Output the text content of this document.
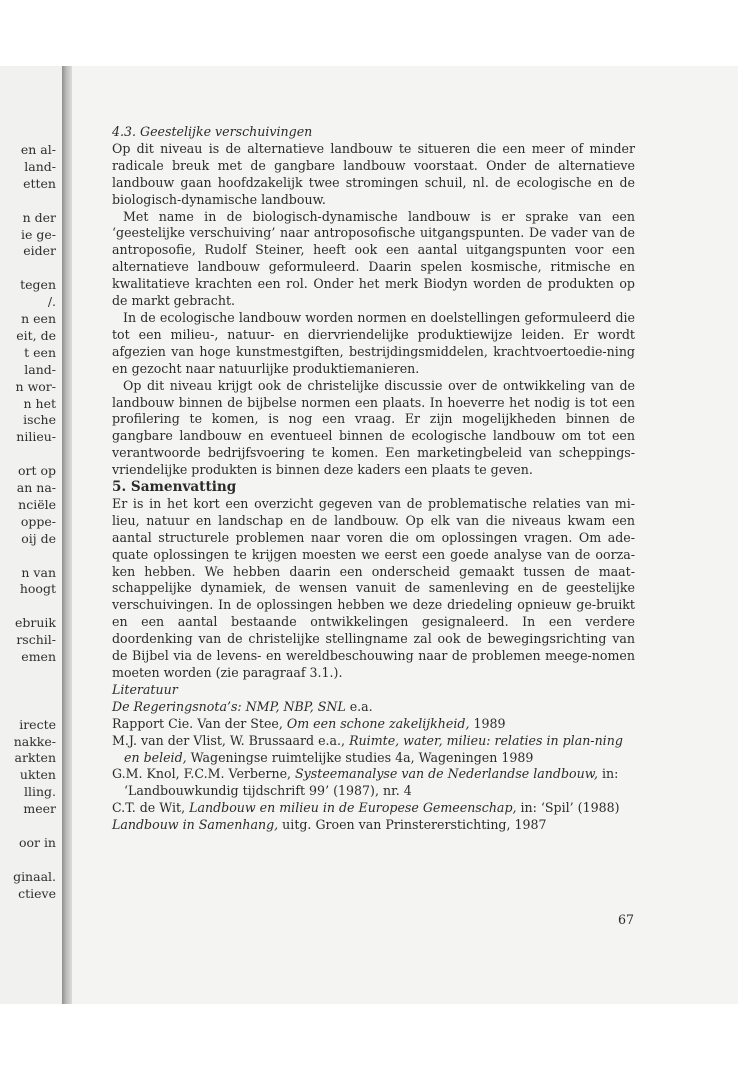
en al-
land-
etten
n der
ie ge-
eider
tegen
/.
n een
eit, de
t een
land-
n wor-
n het
ische
nilieu-
ort op
an na-
nciële
oppe-
oij de
n van
hoogt
ebruik
rschil-
emen
irecte
nakke-
arkten
ukten
lling.
meer
oor in
ginaal.
ctieve

4.3. Geestelijke verschuivingen

Op dit niveau is de alternatieve landbouw te situeren die een meer of minder radicale breuk met de gangbare landbouw voorstaat. Onder de alternatieve landbouw gaan hoofdzakelijk twee stromingen schuil, nl. de ecologische en de biologisch-dynamische landbouw.

Met name in de biologisch-dynamische landbouw is er sprake van een ‘geestelijke verschuiving’ naar antroposofische uitgangspunten. De vader van de antroposofie, Rudolf Steiner, heeft ook een aantal uitgangspunten voor een alternatieve landbouw geformuleerd. Daarin spelen kosmische, ritmische en kwalitatieve krachten een rol. Onder het merk Biodyn worden de produkten op de markt gebracht.

In de ecologische landbouw worden normen en doelstellingen geformuleerd die tot een milieu-, natuur- en diervriendelijke produktiewijze leiden. Er wordt afgezien van hoge kunstmestgiften, bestrijdingsmiddelen, krachtvoertoedie-ning en gezocht naar natuurlijke produktiemanieren.

Op dit niveau krijgt ook de christelijke discussie over de ontwikkeling van de landbouw binnen de bijbelse normen een plaats. In hoeverre het nodig is tot een profilering te komen, is nog een vraag. Er zijn mogelijkheden binnen de gangbare landbouw en eventueel binnen de ecologische landbouw om tot een verantwoorde bedrijfsvoering te komen. Een marketingbeleid van scheppings-vriendelijke produkten is binnen deze kaders een plaats te geven.

5. Samenvatting

Er is in het kort een overzicht gegeven van de problematische relaties van mi-lieu, natuur en landschap en de landbouw. Op elk van die niveaus kwam een aantal structurele problemen naar voren die om oplossingen vragen. Om ade-quate oplossingen te krijgen moesten we eerst een goede analyse van de oorza-ken hebben. We hebben daarin een onderscheid gemaakt tussen de maat-schappelijke dynamiek, de wensen vanuit de samenleving en de geestelijke verschuivingen. In de oplossingen hebben we deze driedeling opnieuw ge-bruikt en een aantal bestaande ontwikkelingen gesignaleerd. In een verdere doordenking van de christelijke stellingname zal ook de bewegingsrichting van de Bijbel via de levens- en wereldbeschouwing naar de problemen meege-nomen moeten worden (zie paragraaf 3.1.).

Literatuur

De Regeringsnota’s: NMP, NBP, SNL e.a.

Rapport Cie. Van der Stee, Om een schone zakelijkheid, 1989

M.J. van der Vlist, W. Brussaard e.a., Ruimte, water, milieu: relaties in plan-ning en beleid, Wageningse ruimtelijke studies 4a, Wageningen 1989

G.M. Knol, F.C.M. Verberne, Systeemanalyse van de Nederlandse landbouw, in: ‘Landbouwkundig tijdschrift 99’ (1987), nr. 4

C.T. de Wit, Landbouw en milieu in de Europese Gemeenschap, in: ‘Spil’ (1988)

Landbouw in Samenhang, uitg. Groen van Prinstererstichting, 1987

67
